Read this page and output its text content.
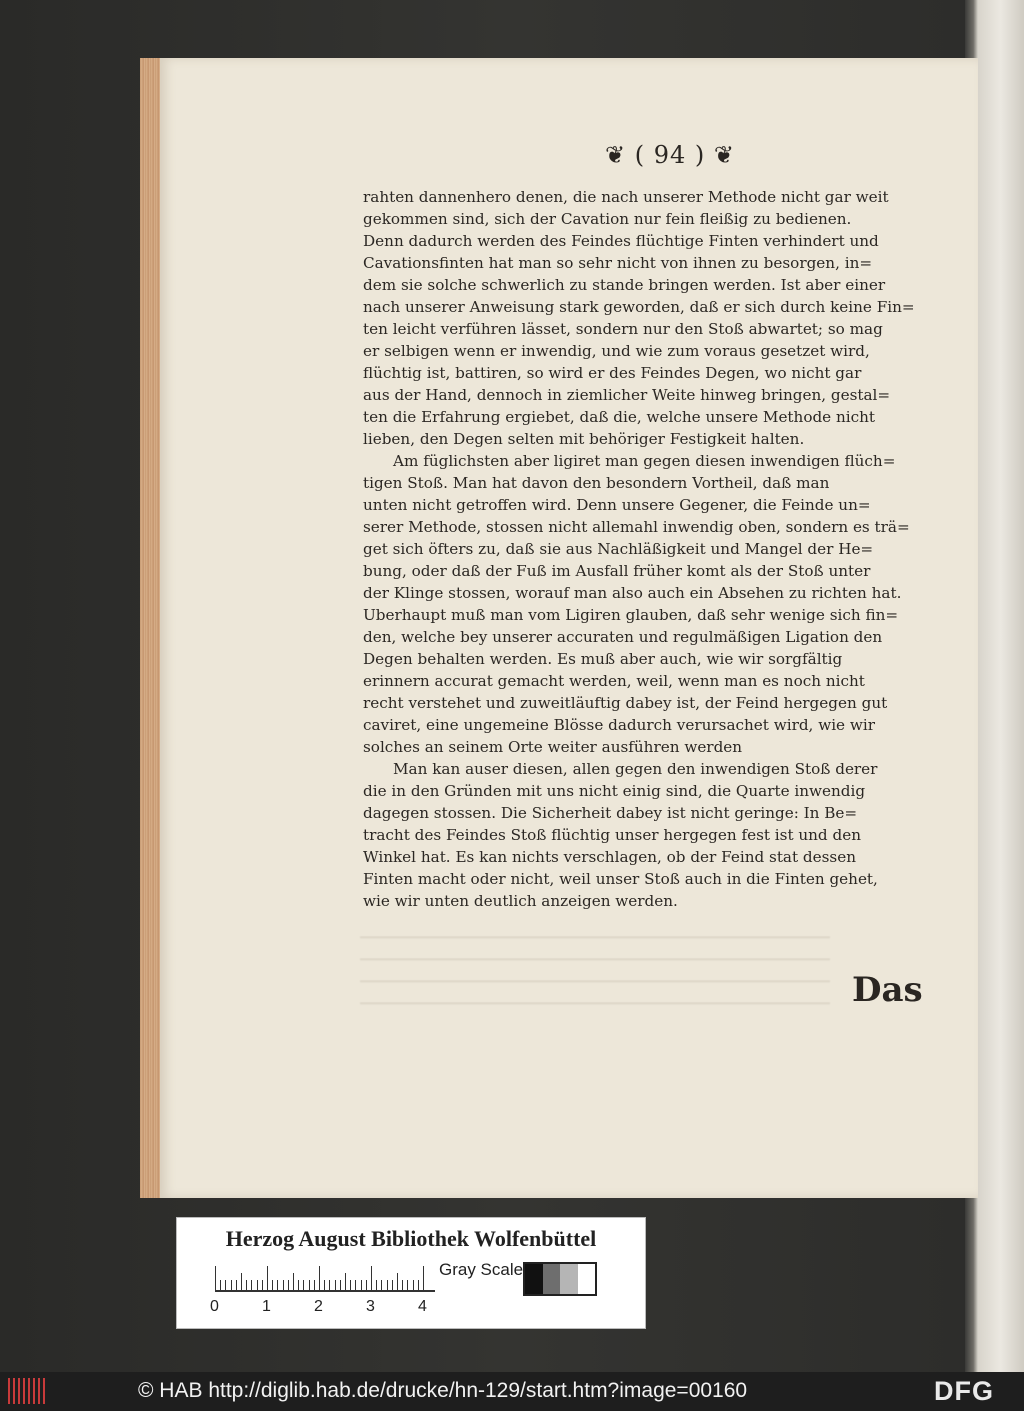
❦ ( 94 ) ❦
rahten dannenhero denen, die nach unserer Methode nicht gar weit
gekommen sind, sich der Cavation nur fein fleißig zu bedienen.
Denn dadurch werden des Feindes flüchtige Finten verhindert und
Cavationsfinten hat man so sehr nicht von ihnen zu besorgen, in=
dem sie solche schwerlich zu stande bringen werden. Ist aber einer
nach unserer Anweisung stark geworden, daß er sich durch keine Fin=
ten leicht verführen lässet, sondern nur den Stoß abwartet; so mag
er selbigen wenn er inwendig, und wie zum voraus gesetzet wird,
flüchtig ist, battiren, so wird er des Feindes Degen, wo nicht gar
aus der Hand, dennoch in ziemlicher Weite hinweg bringen, gestal=
ten die Erfahrung ergiebet, daß die, welche unsere Methode nicht
lieben, den Degen selten mit behöriger Festigkeit halten.
Am füglichsten aber ligiret man gegen diesen inwendigen flüch=
tigen Stoß. Man hat davon den besondern Vortheil, daß man
unten nicht getroffen wird. Denn unsere Gegener, die Feinde un=
serer Methode, stossen nicht allemahl inwendig oben, sondern es trä=
get sich öfters zu, daß sie aus Nachläßigkeit und Mangel der He=
bung, oder daß der Fuß im Ausfall früher komt als der Stoß unter
der Klinge stossen, worauf man also auch ein Absehen zu richten hat.
Uberhaupt muß man vom Ligiren glauben, daß sehr wenige sich fin=
den, welche bey unserer accuraten und regulmäßigen Ligation den
Degen behalten werden. Es muß aber auch, wie wir sorgfältig
erinnern accurat gemacht werden, weil, wenn man es noch nicht
recht verstehet und zuweitläuftig dabey ist, der Feind hergegen gut
caviret, eine ungemeine Blösse dadurch verursachet wird, wie wir
solches an seinem Orte weiter ausführen werden
Man kan auser diesen, allen gegen den inwendigen Stoß derer
die in den Gründen mit uns nicht einig sind, die Quarte inwendig
dagegen stossen. Die Sicherheit dabey ist nicht geringe: In Be=
tracht des Feindes Stoß flüchtig unser hergegen fest ist und den
Winkel hat. Es kan nichts verschlagen, ob der Feind stat dessen
Finten macht oder nicht, weil unser Stoß auch in die Finten gehet,
wie wir unten deutlich anzeigen werden.
Das
Herzog August Bibliothek Wolfenbüttel
Gray Scale
0	1	2	3	4
© HAB http://diglib.hab.de/drucke/hn-129/start.htm?image=00160	DFG
